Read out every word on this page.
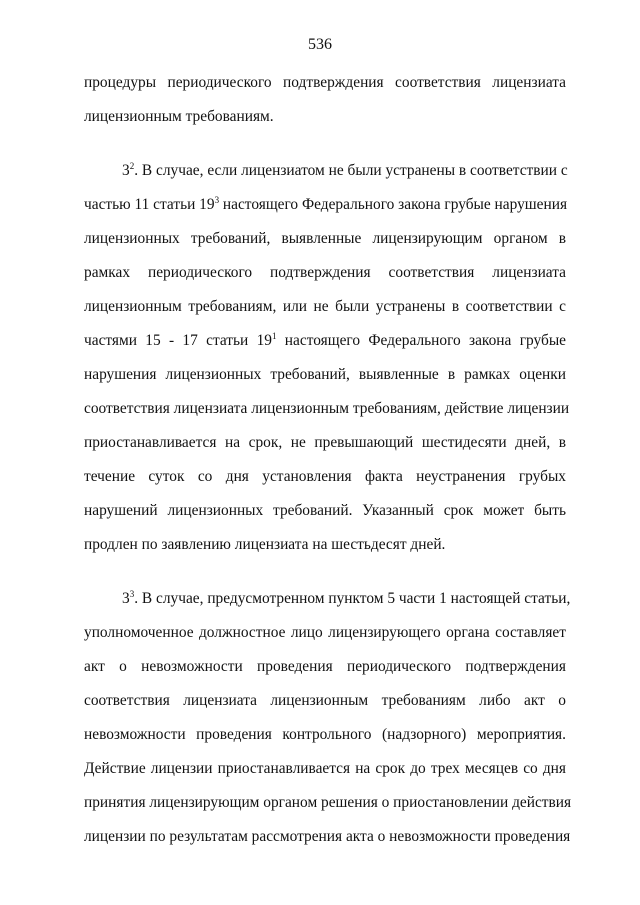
536
процедуры периодического подтверждения соответствия лицензиата
лицензионным требованиям.
$3^2$. В случае, если лицензиатом не были устранены в соответствии с
частью 11 статьи $19^3$ настоящего Федерального закона грубые нарушения
лицензионных требований, выявленные лицензирующим органом в
рамках периодического подтверждения соответствия лицензиата
лицензионным требованиям, или не были устранены в соответствии с
частями 15 - 17 статьи $19^1$ настоящего Федерального закона грубые
нарушения лицензионных требований, выявленные в рамках оценки
соответствия лицензиата лицензионным требованиям, действие лицензии
приостанавливается на срок, не превышающий шестидесяти дней, в
течение суток со дня установления факта неустранения грубых
нарушений лицензионных требований. Указанный срок может быть
продлен по заявлению лицензиата на шестьдесят дней.
$3^3$. В случае, предусмотренном пунктом 5 части 1 настоящей статьи,
уполномоченное должностное лицо лицензирующего органа составляет
акт о невозможности проведения периодического подтверждения
соответствия лицензиата лицензионным требованиям либо акт о
невозможности проведения контрольного (надзорного) мероприятия.
Действие лицензии приостанавливается на срок до трех месяцев со дня
принятия лицензирующим органом решения о приостановлении действия
лицензии по результатам рассмотрения акта о невозможности проведения
